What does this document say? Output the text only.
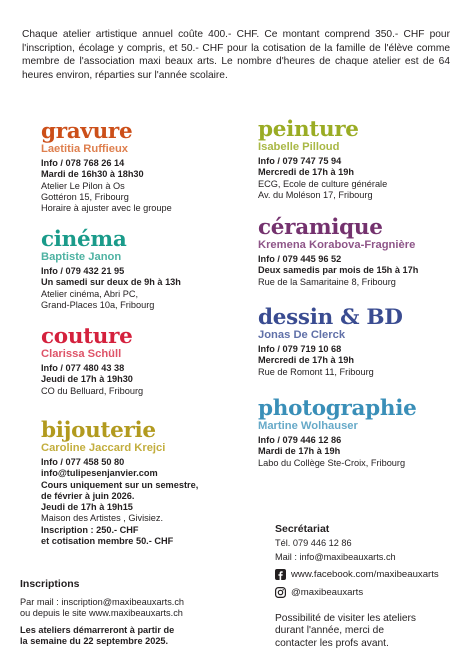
Chaque atelier artistique annuel coûte 400.- CHF. Ce montant comprend 350.- CHF pour l'inscription, écolage y compris, et 50.- CHF pour la cotisation de la famille de l'élève comme membre de l'association maxi beaux arts. Le nombre d'heures de chaque atelier est de 64 heures environ, réparties sur l'année scolaire.
gravure
Laetitia Ruffieux
Info / 078 768 26 14
Mardi de 16h30 à 18h30
Atelier Le Pilon à Os
Gottéron 15, Fribourg
Horaire à ajuster avec le groupe
cinéma
Baptiste Janon
Info / 079 432 21 95
Un samedi sur deux de 9h à 13h
Atelier cinéma, Abri PC,
Grand-Places 10a, Fribourg
couture
Clarissa Schüll
Info / 077 480 43 38
Jeudi de 17h à 19h30
CO du Belluard, Fribourg
bijouterie
Caroline Jaccard Krejci
Info / 077 458 50 80
info@tulipesenjanvier.com
Cours uniquement sur un semestre,
de février à juin 2026.
Jeudi de 17h à 19h15
Maison des Artistes , Givisiez.
Inscription : 250.- CHF
et cotisation membre 50.- CHF
peinture
Isabelle Pilloud
Info / 079 747 75 94
Mercredi de 17h à 19h
ECG, Ecole de culture générale
Av. du Moléson 17, Fribourg
céramique
Kremena Korabova-Fragnière
Info / 079 445 96 52
Deux samedis par mois de 15h à 17h
Rue de la Samaritaine 8, Fribourg
dessin & BD
Jonas De Clerck
Info / 079 719 10 68
Mercredi de 17h à 19h
Rue de Romont 11, Fribourg
photographie
Martine Wolhauser
Info / 079 446 12 86
Mardi de 17h à 19h
Labo du Collège Ste-Croix, Fribourg
Inscriptions
Par mail : inscription@maxibeauxarts.ch
ou depuis le site www.maxibeauxarts.ch
Les ateliers démarreront à partir de
la semaine du 22 septembre 2025.
Secrétariat
Tél. 079 446 12 86
Mail : info@maxibeauxarts.ch
www.facebook.com/maxibeauxarts
@maxibeauxarts
Possibilité de visiter les ateliers
durant l'année, merci de
contacter les profs avant.
